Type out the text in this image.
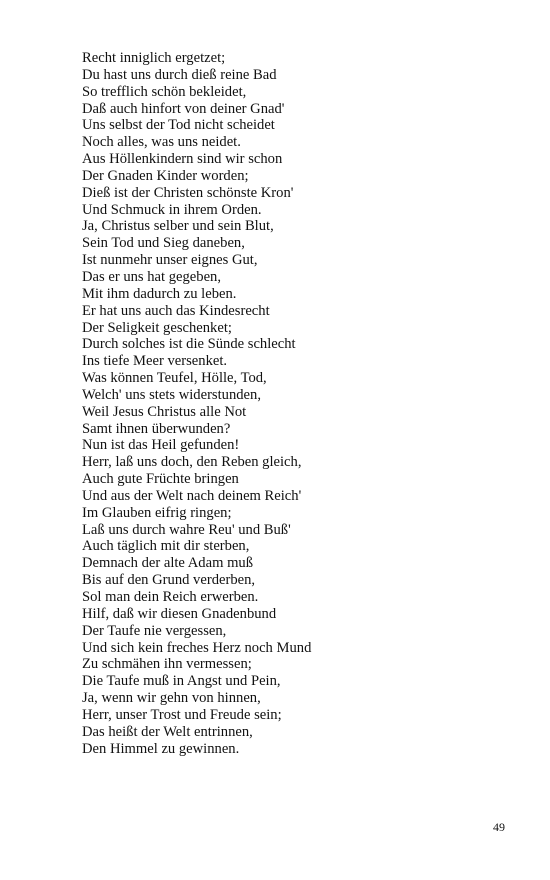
Recht inniglich ergetzet;
Du hast uns durch dieß reine Bad
So trefflich schön bekleidet,
Daß auch hinfort von deiner Gnad'
Uns selbst der Tod nicht scheidet
Noch alles, was uns neidet.
Aus Höllenkindern sind wir schon
Der Gnaden Kinder worden;
Dieß ist der Christen schönste Kron'
Und Schmuck in ihrem Orden.
Ja, Christus selber und sein Blut,
Sein Tod und Sieg daneben,
Ist nunmehr unser eignes Gut,
Das er uns hat gegeben,
Mit ihm dadurch zu leben.
Er hat uns auch das Kindesrecht
Der Seligkeit geschenket;
Durch solches ist die Sünde schlecht
Ins tiefe Meer versenket.
Was können Teufel, Hölle, Tod,
Welch' uns stets widerstunden,
Weil Jesus Christus alle Not
Samt ihnen überwunden?
Nun ist das Heil gefunden!
Herr, laß uns doch, den Reben gleich,
Auch gute Früchte bringen
Und aus der Welt nach deinem Reich'
Im Glauben eifrig ringen;
Laß uns durch wahre Reu' und Buß'
Auch täglich mit dir sterben,
Demnach der alte Adam muß
Bis auf den Grund verderben,
Sol man dein Reich erwerben.
Hilf, daß wir diesen Gnadenbund
Der Taufe nie vergessen,
Und sich kein freches Herz noch Mund
Zu schmähen ihn vermessen;
Die Taufe muß in Angst und Pein,
Ja, wenn wir gehn von hinnen,
Herr, unser Trost und Freude sein;
Das heißt der Welt entrinnen,
Den Himmel zu gewinnen.
49
